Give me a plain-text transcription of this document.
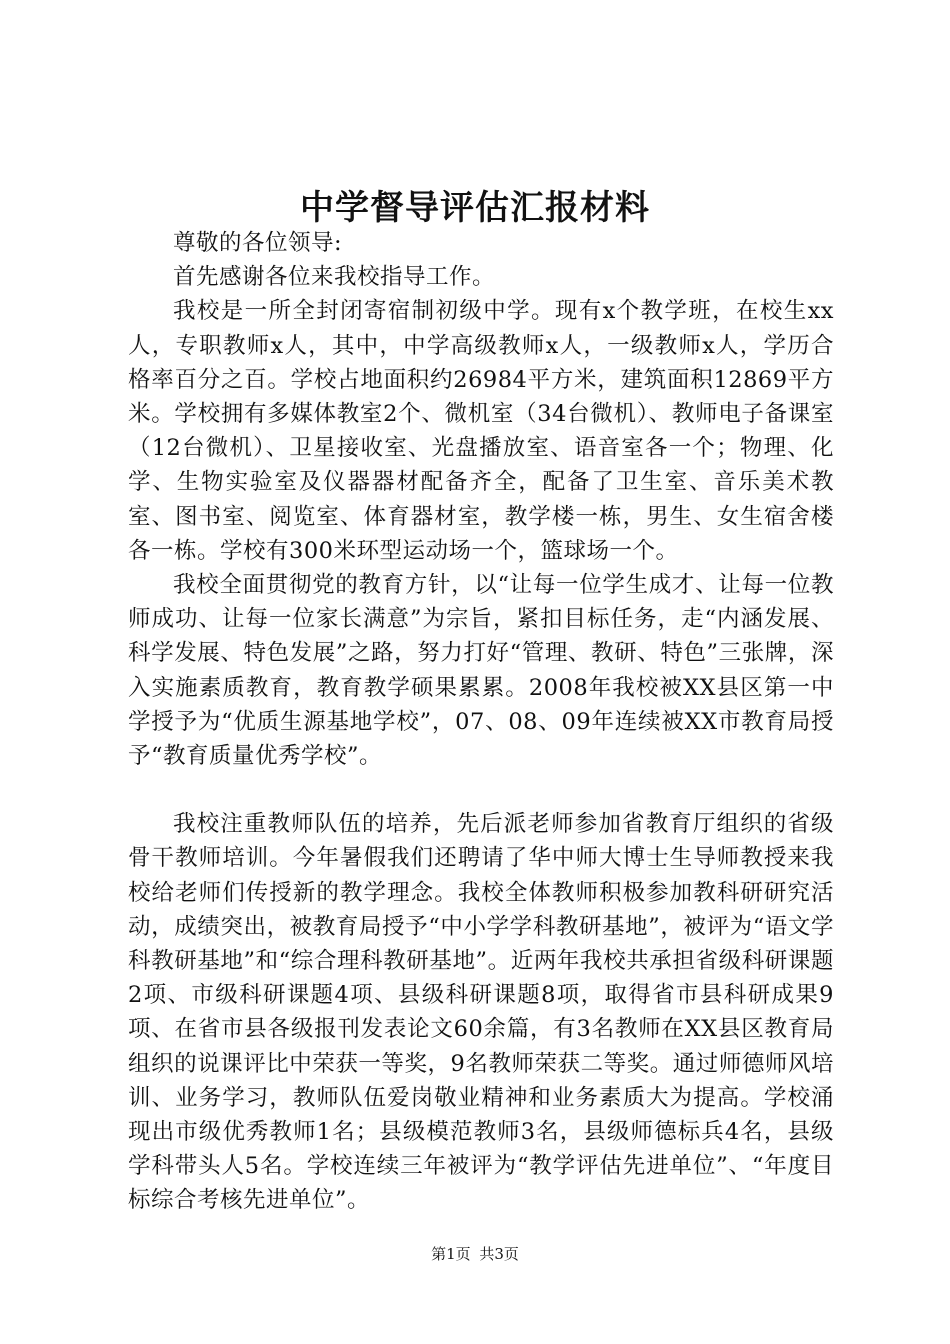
中学督导评估汇报材料

尊敬的各位领导:

首先感谢各位来我校指导工作。

我校是一所全封闭寄宿制初级中学。现有x个教学班，在校生xx人，专职教师x人，其中，中学高级教师x人，一级教师x人，学历合格率百分之百。学校占地面积约26984平方米，建筑面积12869平方米。学校拥有多媒体教室2个、微机室（34台微机）、教师电子备课室（12台微机）、卫星接收室、光盘播放室、语音室各一个；物理、化学、生物实验室及仪器器材配备齐全，配备了卫生室、音乐美术教室、图书室、阅览室、体育器材室，教学楼一栋，男生、女生宿舍楼各一栋。学校有300米环型运动场一个，篮球场一个。

我校全面贯彻党的教育方针，以“让每一位学生成才、让每一位教师成功、让每一位家长满意”为宗旨，紧扣目标任务，走“内涵发展、科学发展、特色发展”之路，努力打好“管理、教研、特色”三张牌，深入实施素质教育，教育教学硕果累累。2008年我校被XX县区第一中学授予为“优质生源基地学校”，07、08、09年连续被XX市教育局授予“教育质量优秀学校”。

我校注重教师队伍的培养，先后派老师参加省教育厅组织的省级骨干教师培训。今年暑假我们还聘请了华中师大博士生导师教授来我校给老师们传授新的教学理念。我校全体教师积极参加教科研研究活动，成绩突出，被教育局授予“中小学学科教研基地”，被评为“语文学科教研基地”和“综合理科教研基地”。近两年我校共承担省级科研课题2项、市级科研课题4项、县级科研课题8项，取得省市县科研成果9项、在省市县各级报刊发表论文60余篇，有3名教师在XX县区教育局组织的说课评比中荣获一等奖，9名教师荣获二等奖。通过师德师风培训、业务学习，教师队伍爱岗敬业精神和业务素质大为提高。学校涌现出市级优秀教师1名；县级模范教师3名，县级师德标兵4名，县级学科带头人5名。学校连续三年被评为“教学评估先进单位”、“年度目标综合考核先进单位”。

第1页 共3页
